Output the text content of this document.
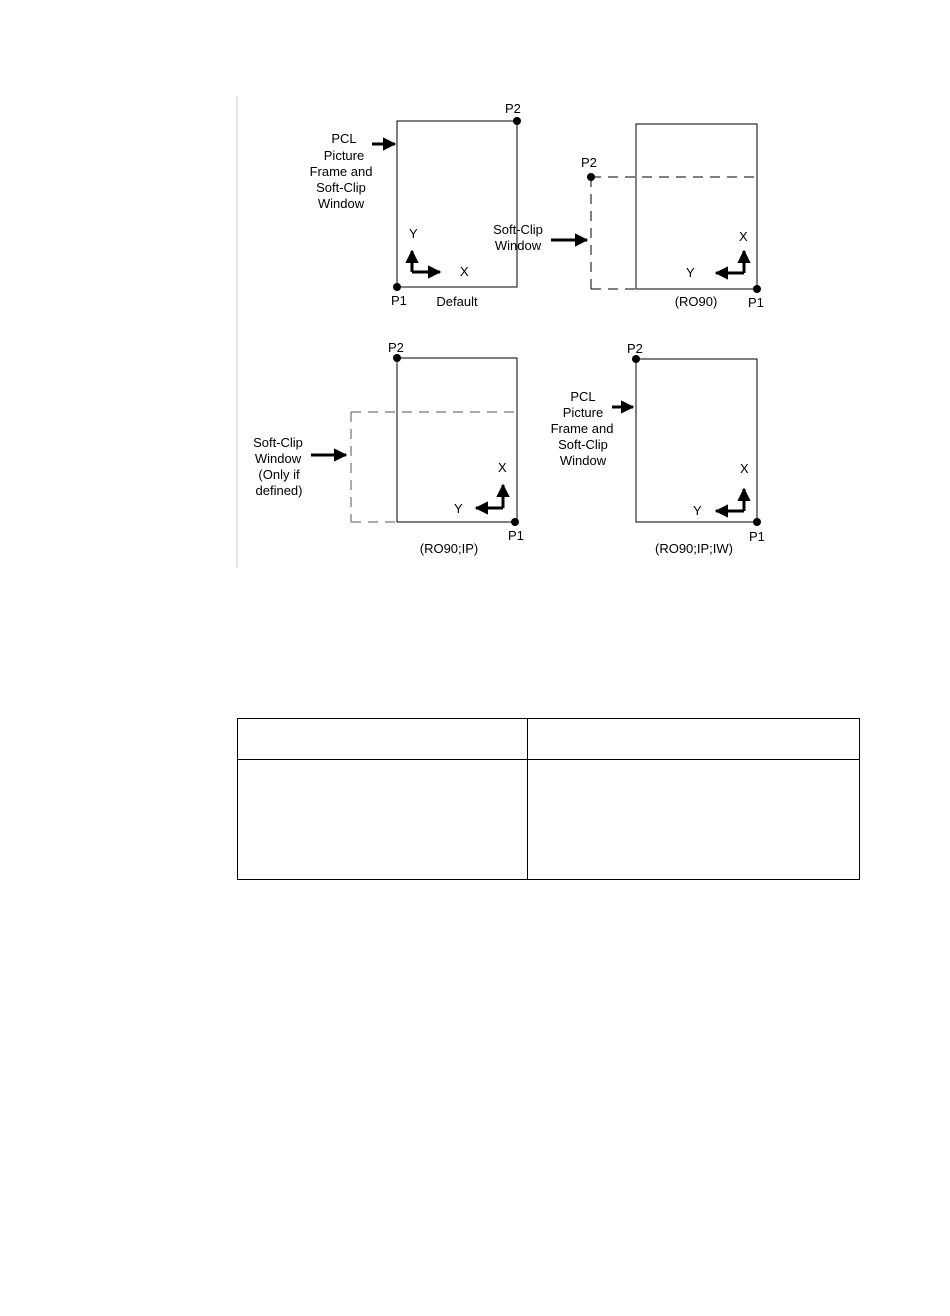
P2
P1 Default
Y
X
PCL
Picture
Frame and
Soft-Clip
Window
P2
P1
(RO90)
X
Y
Soft-Clip
Window
P2
P1
(RO90;IP)
X
Y
Soft-Clip
Window
(Only if
defined)
P2
P1
(RO90;IP;IW)
X
Y
PCL
Picture
Frame and
Soft-Clip
Window
